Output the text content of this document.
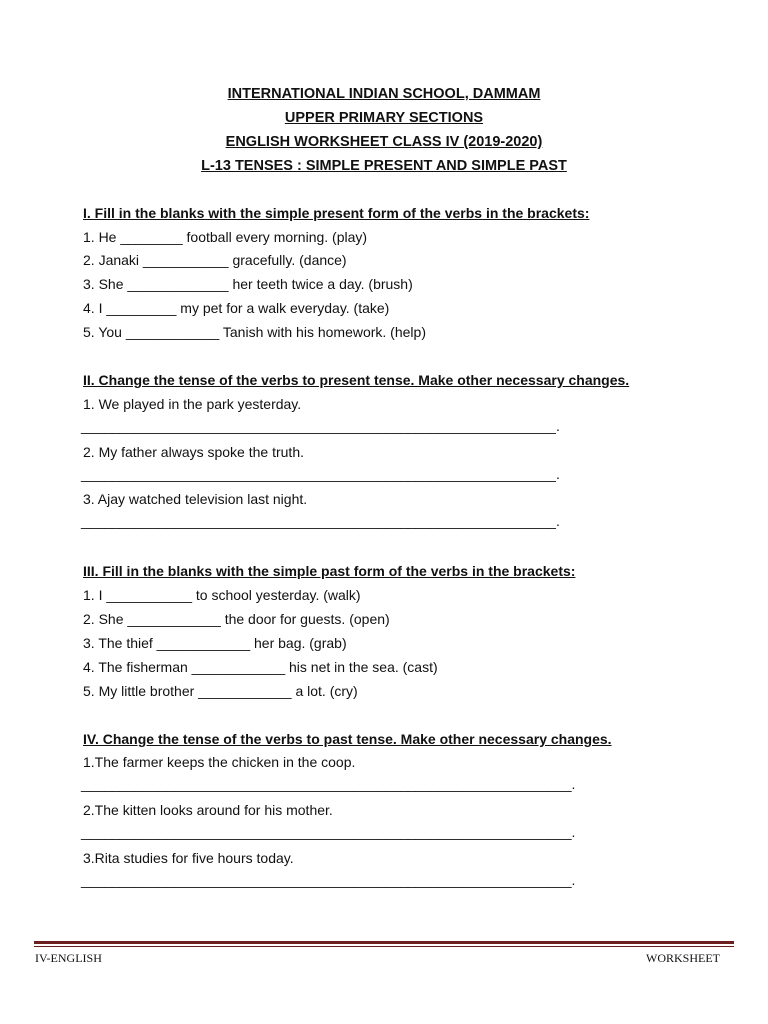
INTERNATIONAL INDIAN SCHOOL, DAMMAM
UPPER PRIMARY SECTIONS
ENGLISH WORKSHEET CLASS IV (2019-2020)
L-13 TENSES : SIMPLE PRESENT AND SIMPLE PAST
I. Fill in the blanks with the simple present form of the verbs in the brackets:
1. He ________ football every morning. (play)
2. Janaki ___________ gracefully. (dance)
3. She _____________ her teeth twice a day. (brush)
4. I _________ my pet for a walk everyday. (take)
5. You ____________ Tanish with his homework. (help)
II. Change the tense of the verbs to present tense. Make other necessary changes.
1. We played in the park yesterday.
_____________________________________________________________.
2. My father always spoke the truth.
_____________________________________________________________.
3. Ajay watched television last night.
_____________________________________________________________.
III. Fill in the blanks with the simple past form of the verbs in the brackets:
1. I ___________ to school yesterday. (walk)
2. She ____________ the door for guests. (open)
3. The thief ____________ her bag. (grab)
4. The fisherman ____________ his net in the sea. (cast)
5. My little brother ____________ a lot. (cry)
IV. Change the tense of the verbs to past tense. Make other necessary changes.
1.The farmer keeps the chicken in the coop.
_______________________________________________________________.
2.The kitten looks around for his mother.
_______________________________________________________________.
3.Rita studies for five hours today.
_______________________________________________________________.
IV-ENGLISH	WORKSHEET
